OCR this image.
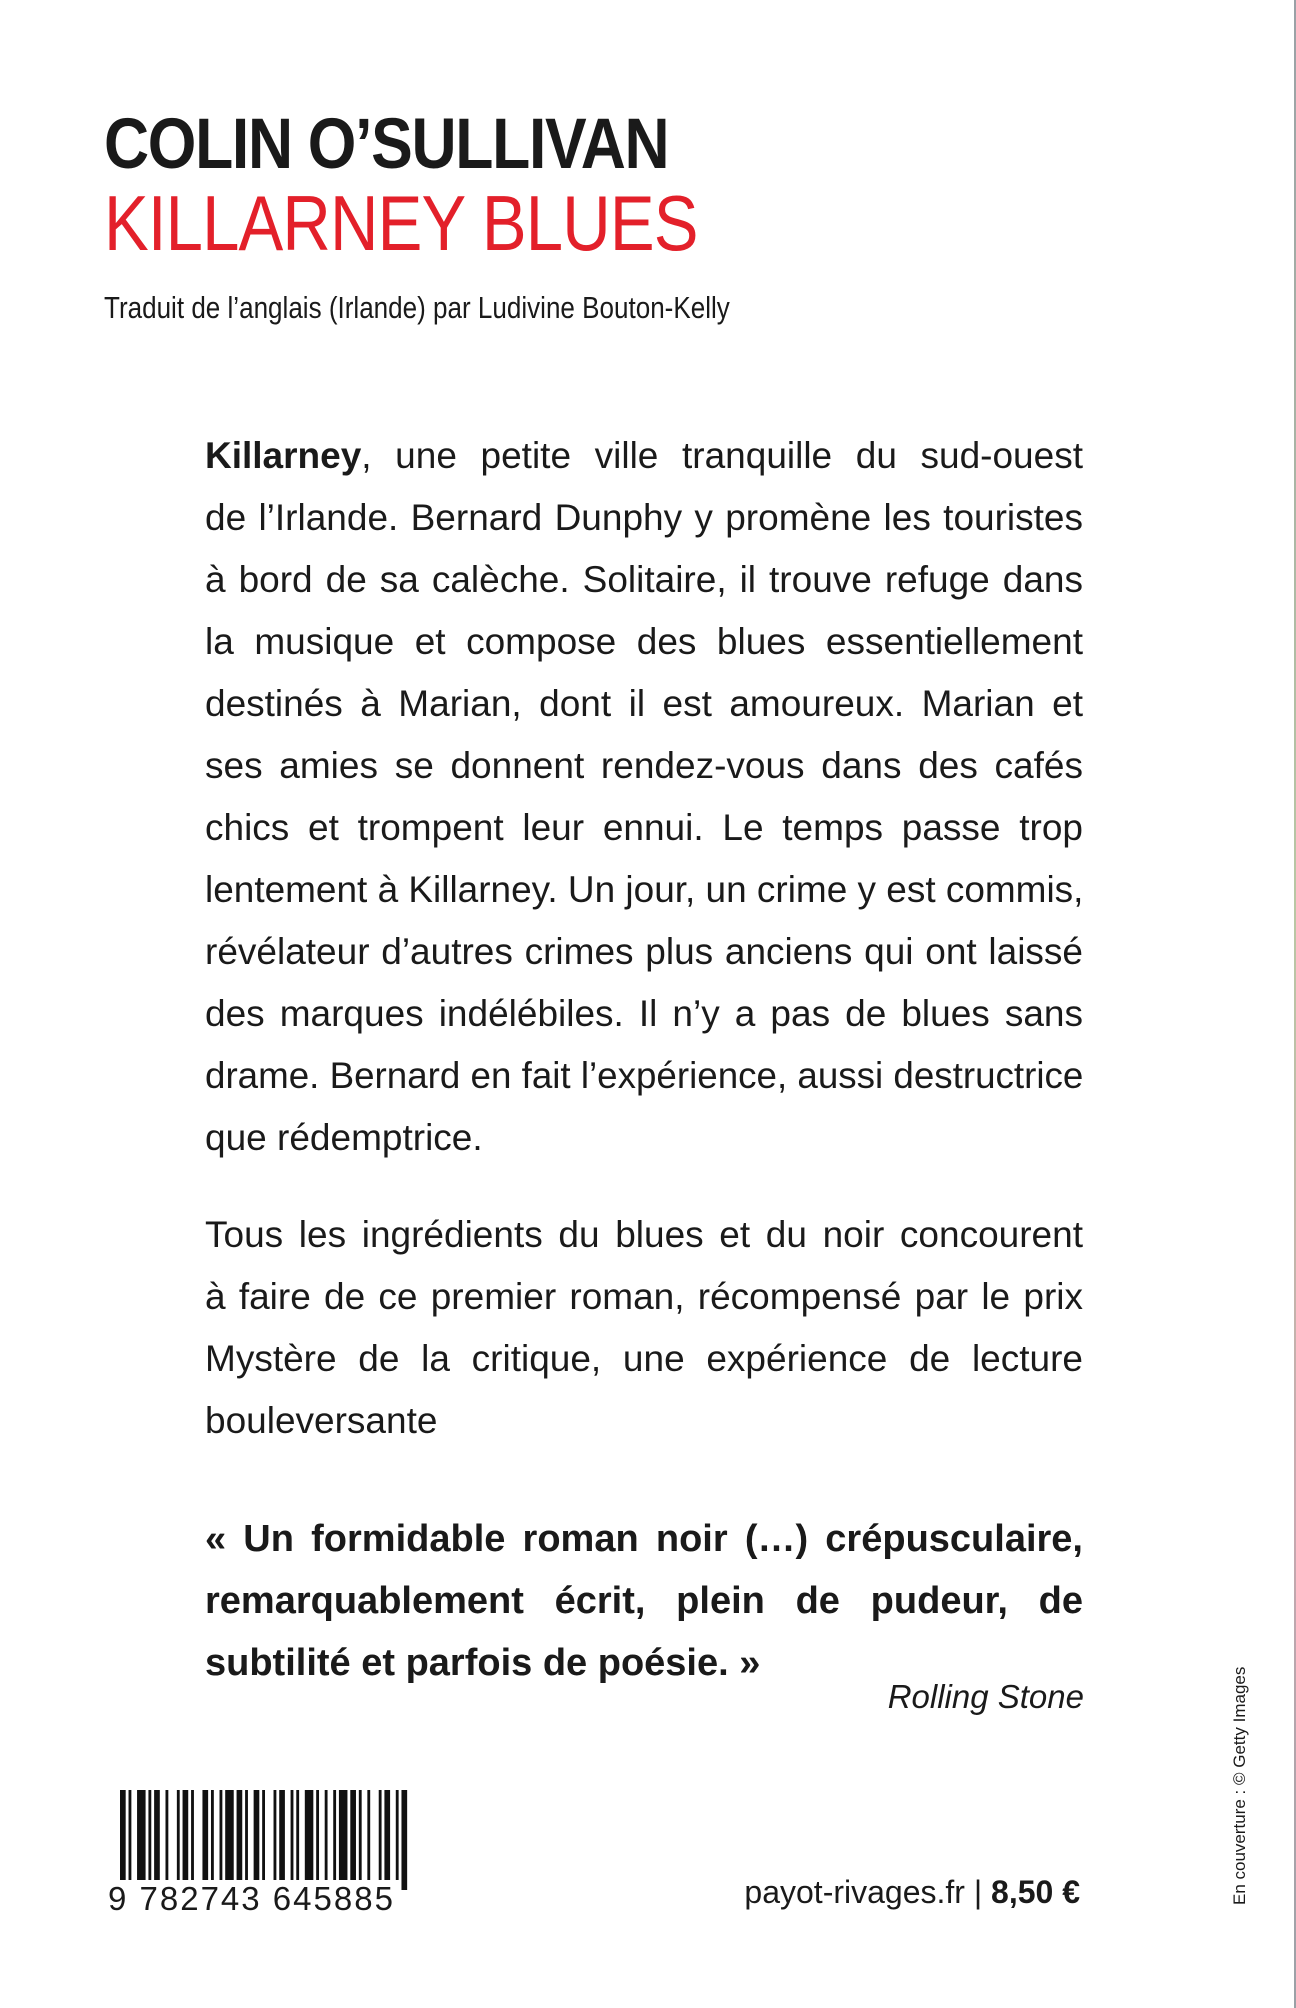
COLIN O’SULLIVAN
KILLARNEY BLUES
Traduit de l’anglais (Irlande) par Ludivine Bouton-Kelly
Killarney, une petite ville tranquille du sud-ouest
de l’Irlande. Bernard Dunphy y promène les touristes
à bord de sa calèche. Solitaire, il trouve refuge dans
la musique et compose des blues essentiellement
destinés à Marian, dont il est amoureux. Marian et
ses amies se donnent rendez-vous dans des cafés
chics et trompent leur ennui. Le temps passe trop
lentement à Killarney. Un jour, un crime y est commis,
révélateur d’autres crimes plus anciens qui ont laissé
des marques indélébiles. Il n’y a pas de blues sans
drame. Bernard en fait l’expérience, aussi destructrice
que rédemptrice.
Tous les ingrédients du blues et du noir concourent
à faire de ce premier roman, récompensé par le prix
Mystère de la critique, une expérience de lecture
bouleversante
« Un formidable roman noir (…) crépusculaire,
remarquablement écrit, plein de pudeur, de
subtilité et parfois de poésie. »
Rolling Stone
9 782743 645885	payot-rivages.fr | 8,50 €	En couverture : © Getty Images
